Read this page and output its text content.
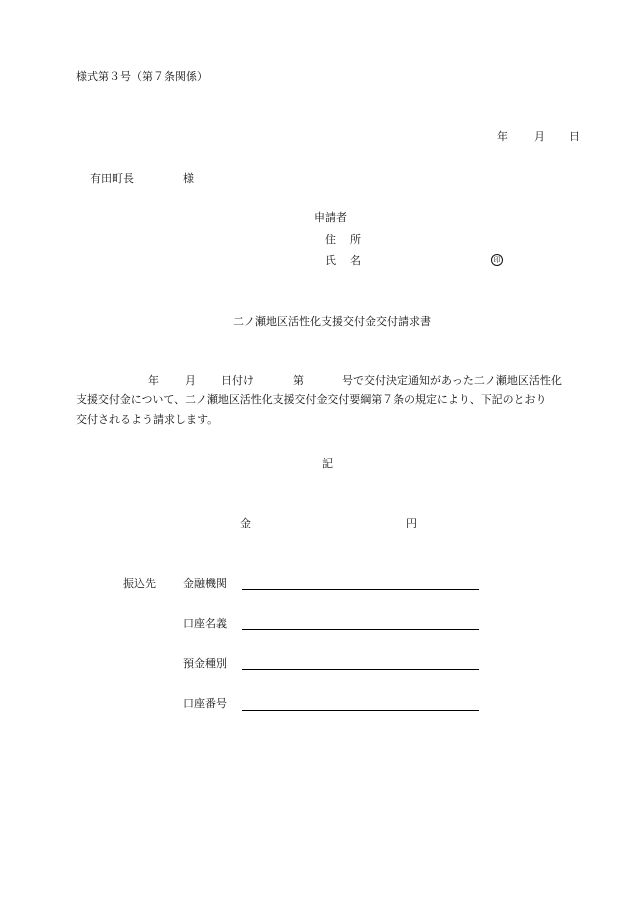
様式第３号（第７条関係）
年 月 日
有田町長	様
申請者
住 所
氏 名	印
二ノ瀬地区活性化支援交付金交付請求書
年 月 日付け	第	号で交付決定通知があった二ノ瀬地区活性化
支援交付金について、二ノ瀬地区活性化支援交付金交付要綱第７条の規定により、下記のとおり
交付されるよう請求します。
記
金	円
振込先 金融機関
口座名義
預金種別
口座番号
